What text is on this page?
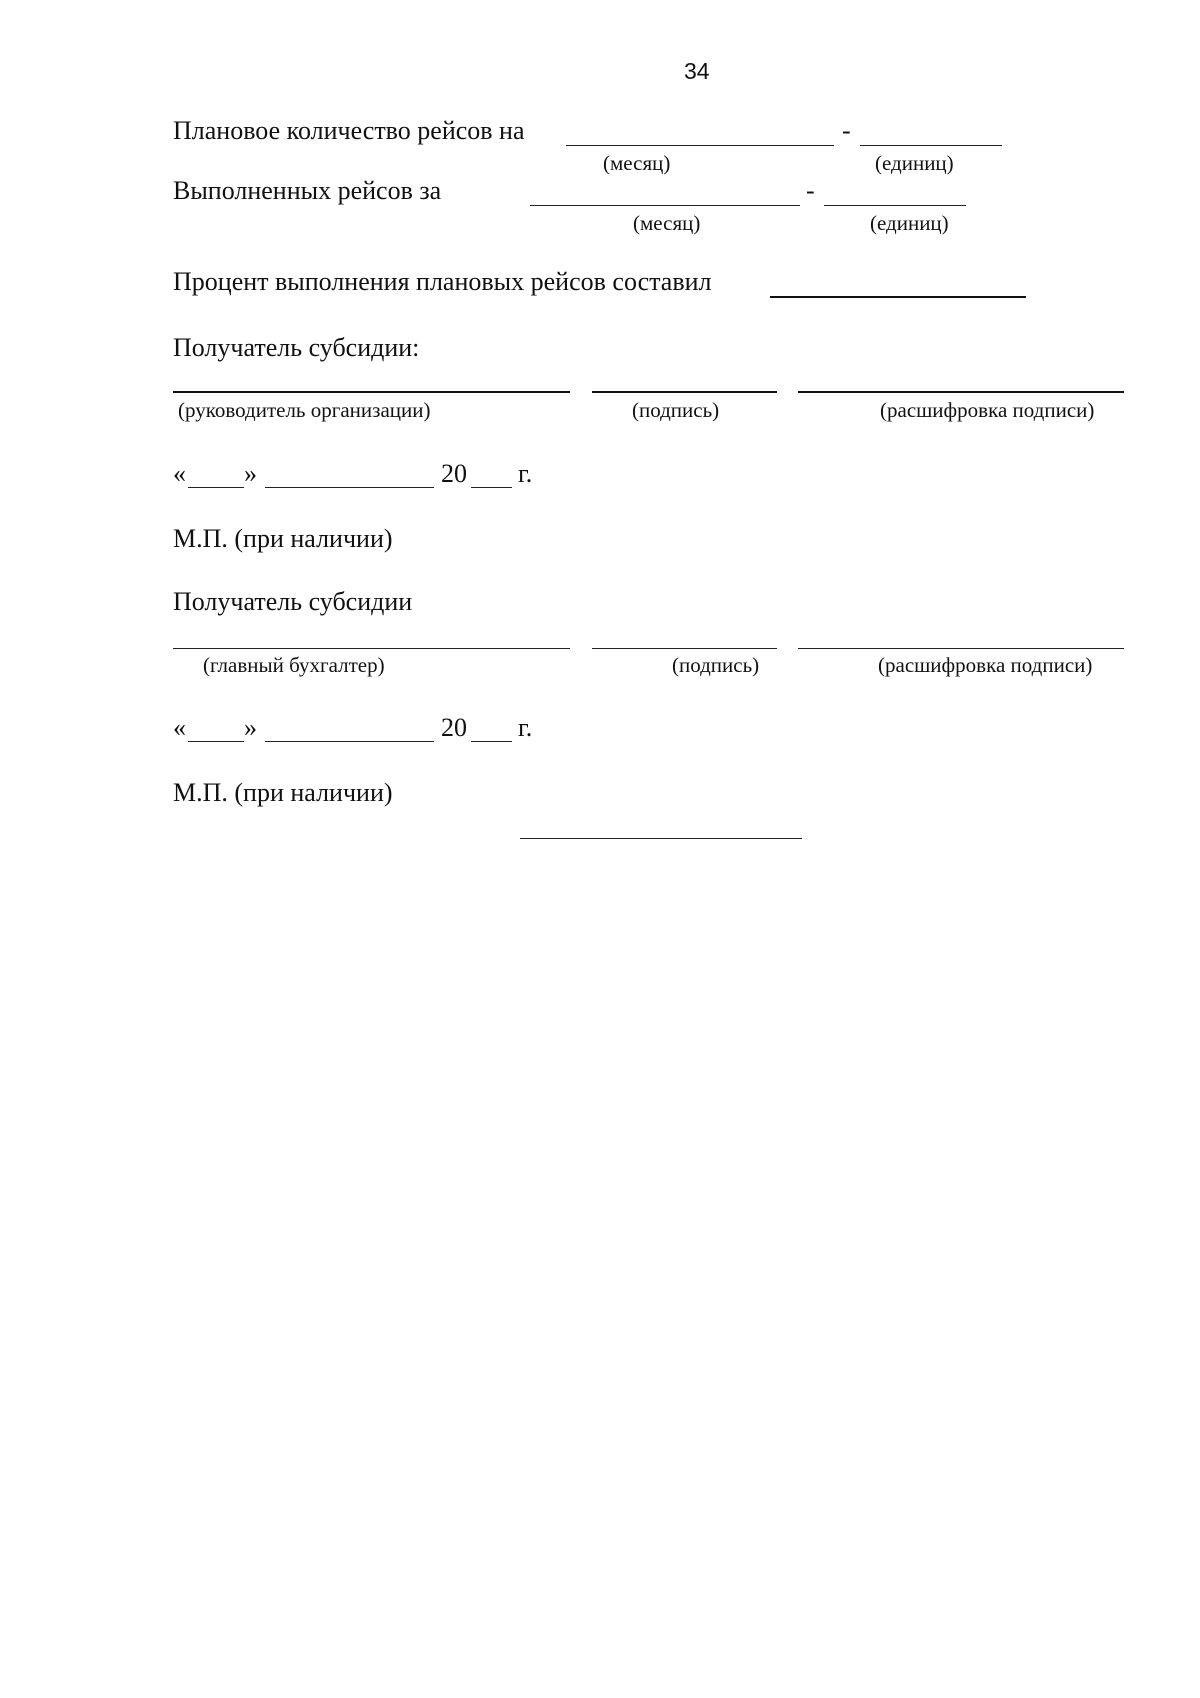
34
Плановое количество рейсов на	-
(месяц)	(единиц)
Выполненных рейсов за	-
(месяц)	(единиц)
Процент выполнения плановых рейсов составил
Получатель субсидии:
(руководитель организации)	(подпись)	(расшифровка подписи)
« »	20 г.
М.П. (при наличии)
Получатель субсидии
(главный бухгалтер)	(подпись)	(расшифровка подписи)
« »	20 г.
М.П. (при наличии)
